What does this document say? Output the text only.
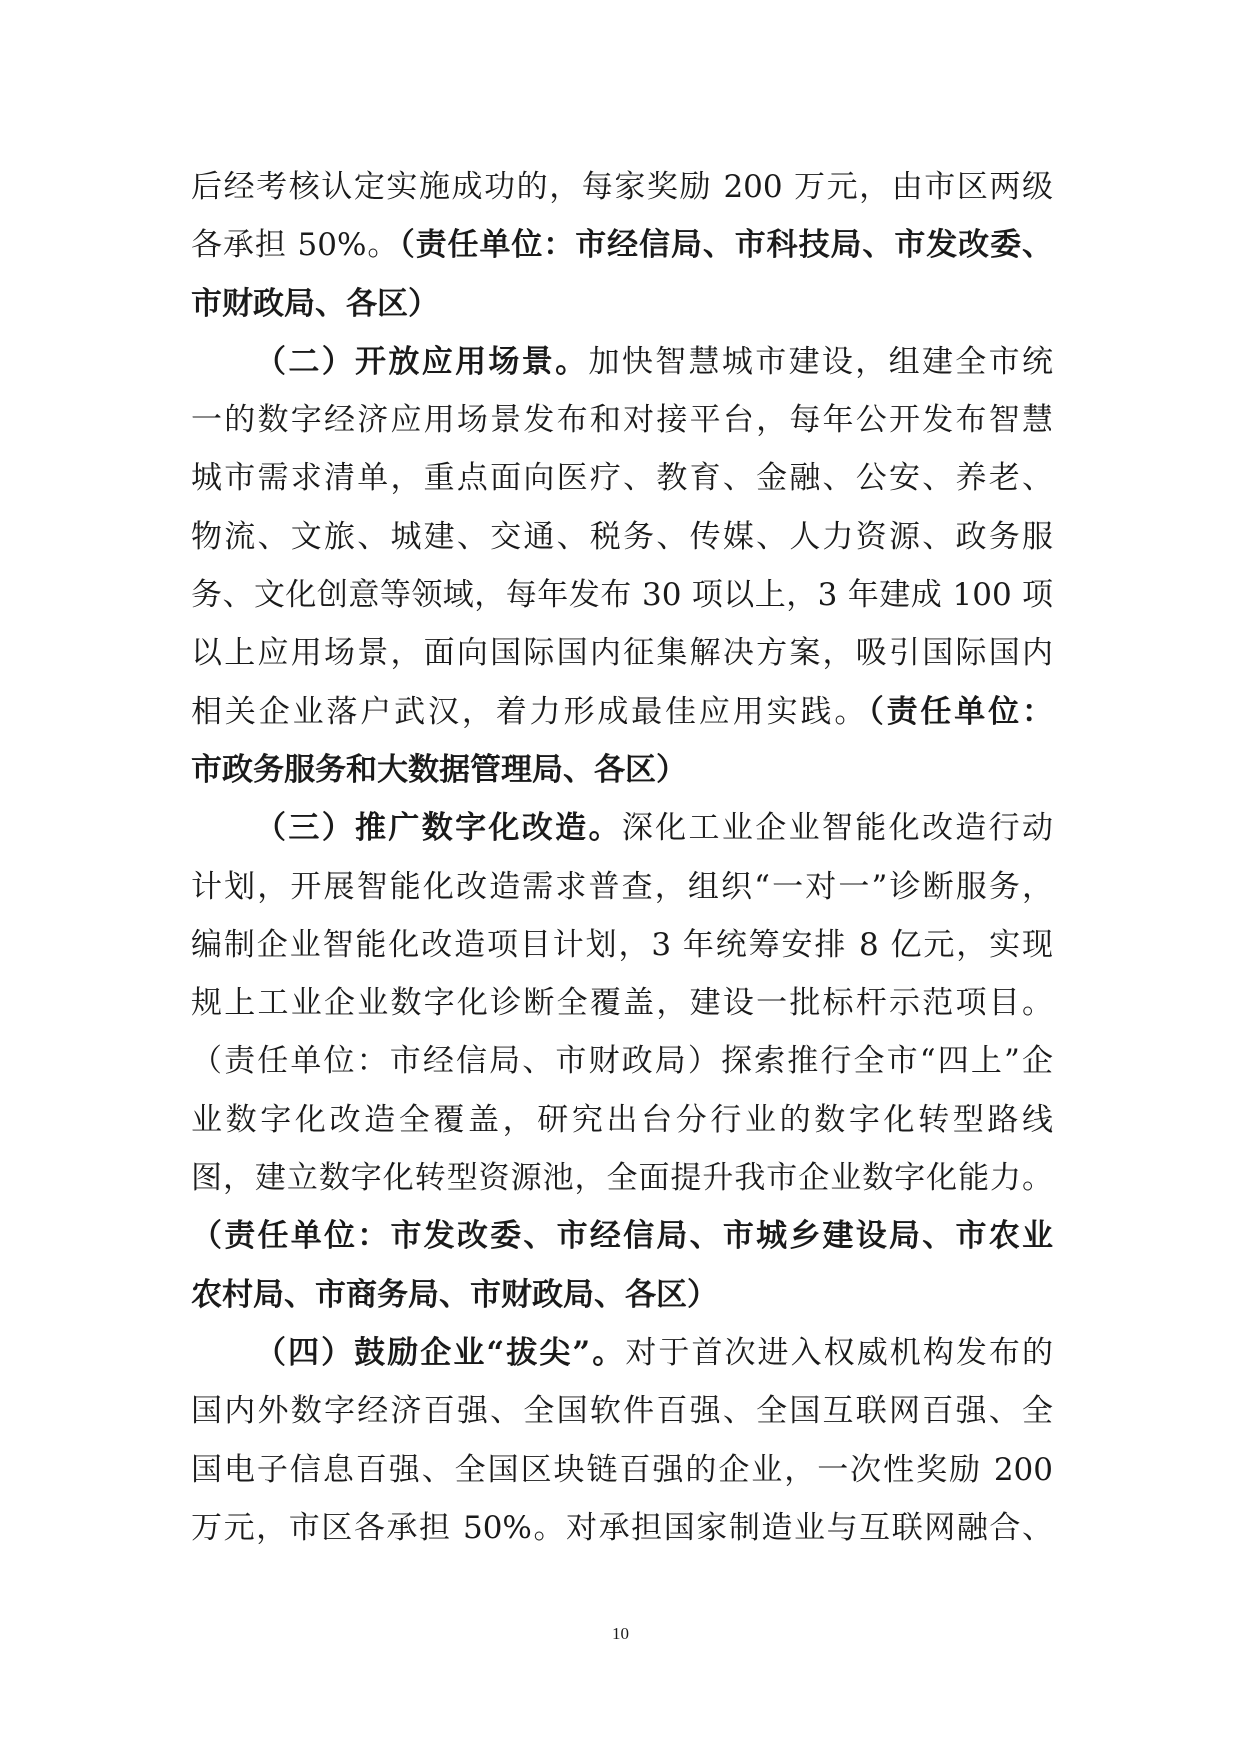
后经考核认定实施成功的，每家奖励 200 万元，由市区两级
各承担 50%。（责任单位：市经信局、市科技局、市发改委、
市财政局、各区）
（二）开放应用场景。加快智慧城市建设，组建全市统
一的数字经济应用场景发布和对接平台，每年公开发布智慧
城市需求清单，重点面向医疗、教育、金融、公安、养老、
物流、文旅、城建、交通、税务、传媒、人力资源、政务服
务、文化创意等领域，每年发布 30 项以上，3 年建成 100 项
以上应用场景，面向国际国内征集解决方案，吸引国际国内
相关企业落户武汉，着力形成最佳应用实践。（责任单位：
市政务服务和大数据管理局、各区）
（三）推广数字化改造。深化工业企业智能化改造行动
计划，开展智能化改造需求普查，组织“一对一”诊断服务，
编制企业智能化改造项目计划，3 年统筹安排 8 亿元，实现
规上工业企业数字化诊断全覆盖，建设一批标杆示范项目。
（责任单位：市经信局、市财政局）探索推行全市“四上”企
业数字化改造全覆盖，研究出台分行业的数字化转型路线
图，建立数字化转型资源池，全面提升我市企业数字化能力。
（责任单位：市发改委、市经信局、市城乡建设局、市农业
农村局、市商务局、市财政局、各区）
（四）鼓励企业“拔尖”。对于首次进入权威机构发布的
国内外数字经济百强、全国软件百强、全国互联网百强、全
国电子信息百强、全国区块链百强的企业，一次性奖励 200
万元，市区各承担 50%。对承担国家制造业与互联网融合、
10
